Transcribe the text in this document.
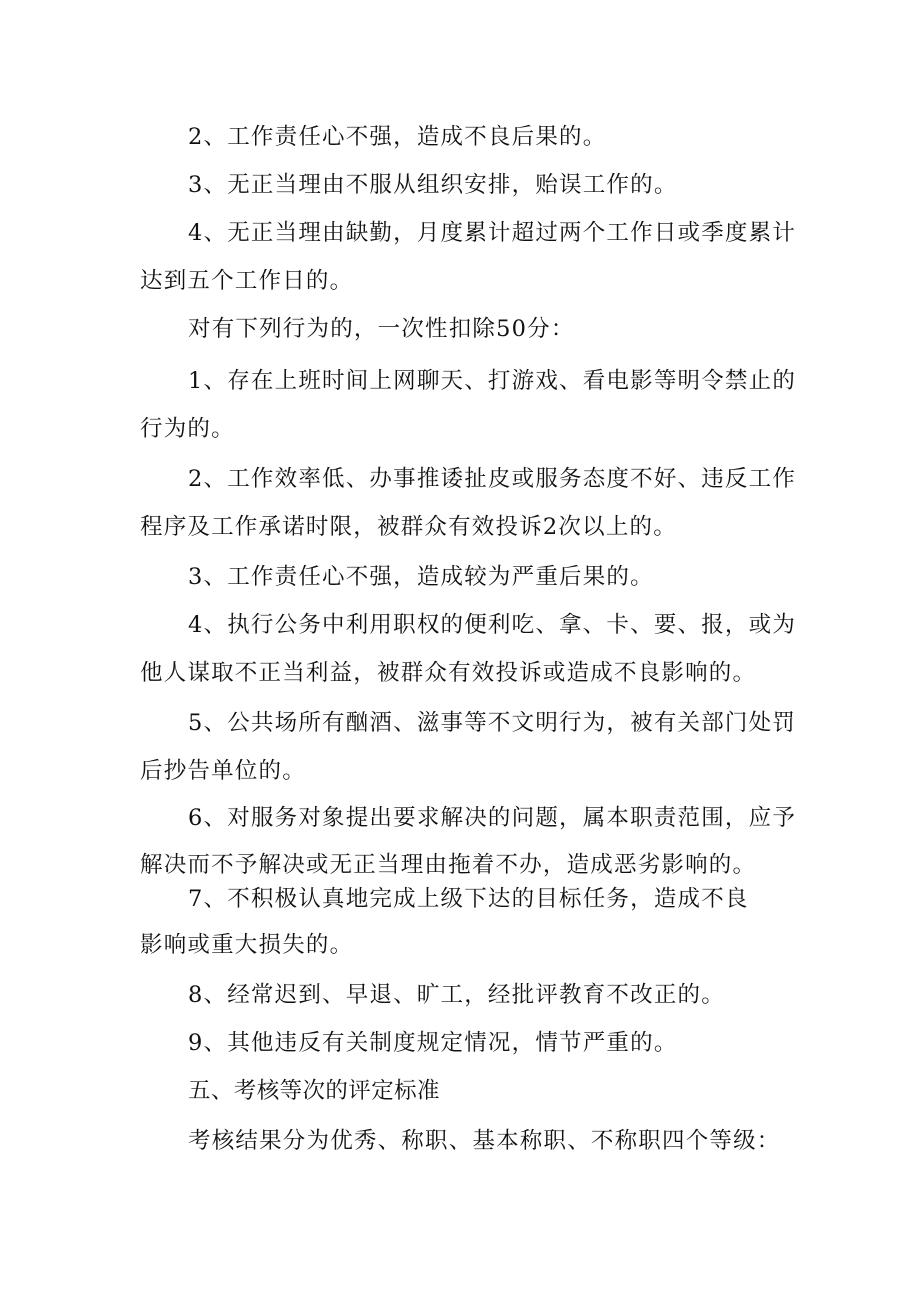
2、工作责任心不强，造成不良后果的。
3、无正当理由不服从组织安排，贻误工作的。
4、无正当理由缺勤，月度累计超过两个工作日或季度累计
达到五个工作日的。
对有下列行为的，一次性扣除50分：
1、存在上班时间上网聊天、打游戏、看电影等明令禁止的
行为的。
2、工作效率低、办事推诿扯皮或服务态度不好、违反工作
程序及工作承诺时限，被群众有效投诉2次以上的。
3、工作责任心不强，造成较为严重后果的。
4、执行公务中利用职权的便利吃、拿、卡、要、报，或为
他人谋取不正当利益，被群众有效投诉或造成不良影响的。
5、公共场所有酗酒、滋事等不文明行为，被有关部门处罚
后抄告单位的。
6、对服务对象提出要求解决的问题，属本职责范围，应予
解决而不予解决或无正当理由拖着不办，造成恶劣影响的。
7、不积极认真地完成上级下达的目标任务，造成不良
影响或重大损失的。
8、经常迟到、早退、旷工，经批评教育不改正的。
9、其他违反有关制度规定情况，情节严重的。
五、考核等次的评定标准
考核结果分为优秀、称职、基本称职、不称职四个等级：
